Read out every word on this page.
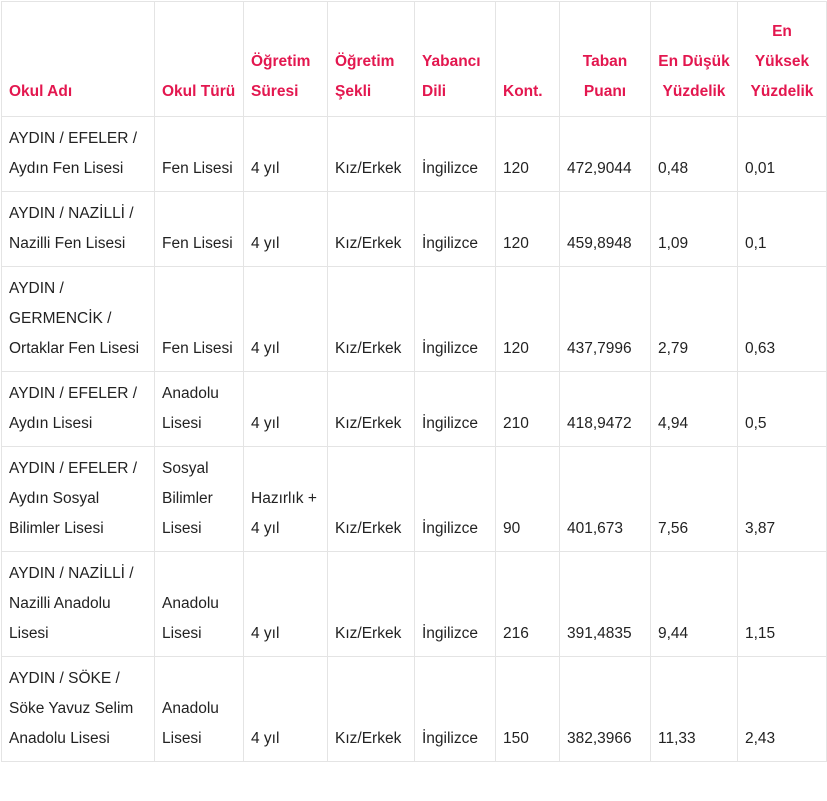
Okul Adı	Okul Türü	Öğretim Süresi	Öğretim Şekli	Yabancı Dili	Kont.	Taban Puanı	En Düşük Yüzdelik	En Yüksek Yüzdelik
AYDIN / EFELER / Aydın Fen Lisesi	Fen Lisesi	4 yıl	Kız/Erkek	İngilizce	120	472,9044	0,48	0,01
AYDIN / NAZİLLİ / Nazilli Fen Lisesi	Fen Lisesi	4 yıl	Kız/Erkek	İngilizce	120	459,8948	1,09	0,1
AYDIN / GERMENCİK / Ortaklar Fen Lisesi	Fen Lisesi	4 yıl	Kız/Erkek	İngilizce	120	437,7996	2,79	0,63
AYDIN / EFELER / Aydın Lisesi	Anadolu Lisesi	4 yıl	Kız/Erkek	İngilizce	210	418,9472	4,94	0,5
AYDIN / EFELER / Aydın Sosyal Bilimler Lisesi	Sosyal Bilimler Lisesi	Hazırlık + 4 yıl	Kız/Erkek	İngilizce	90	401,673	7,56	3,87
AYDIN / NAZİLLİ / Nazilli Anadolu Lisesi	Anadolu Lisesi	4 yıl	Kız/Erkek	İngilizce	216	391,4835	9,44	1,15
AYDIN / SÖKE / Söke Yavuz Selim Anadolu Lisesi	Anadolu Lisesi	4 yıl	Kız/Erkek	İngilizce	150	382,3966	11,33	2,43
